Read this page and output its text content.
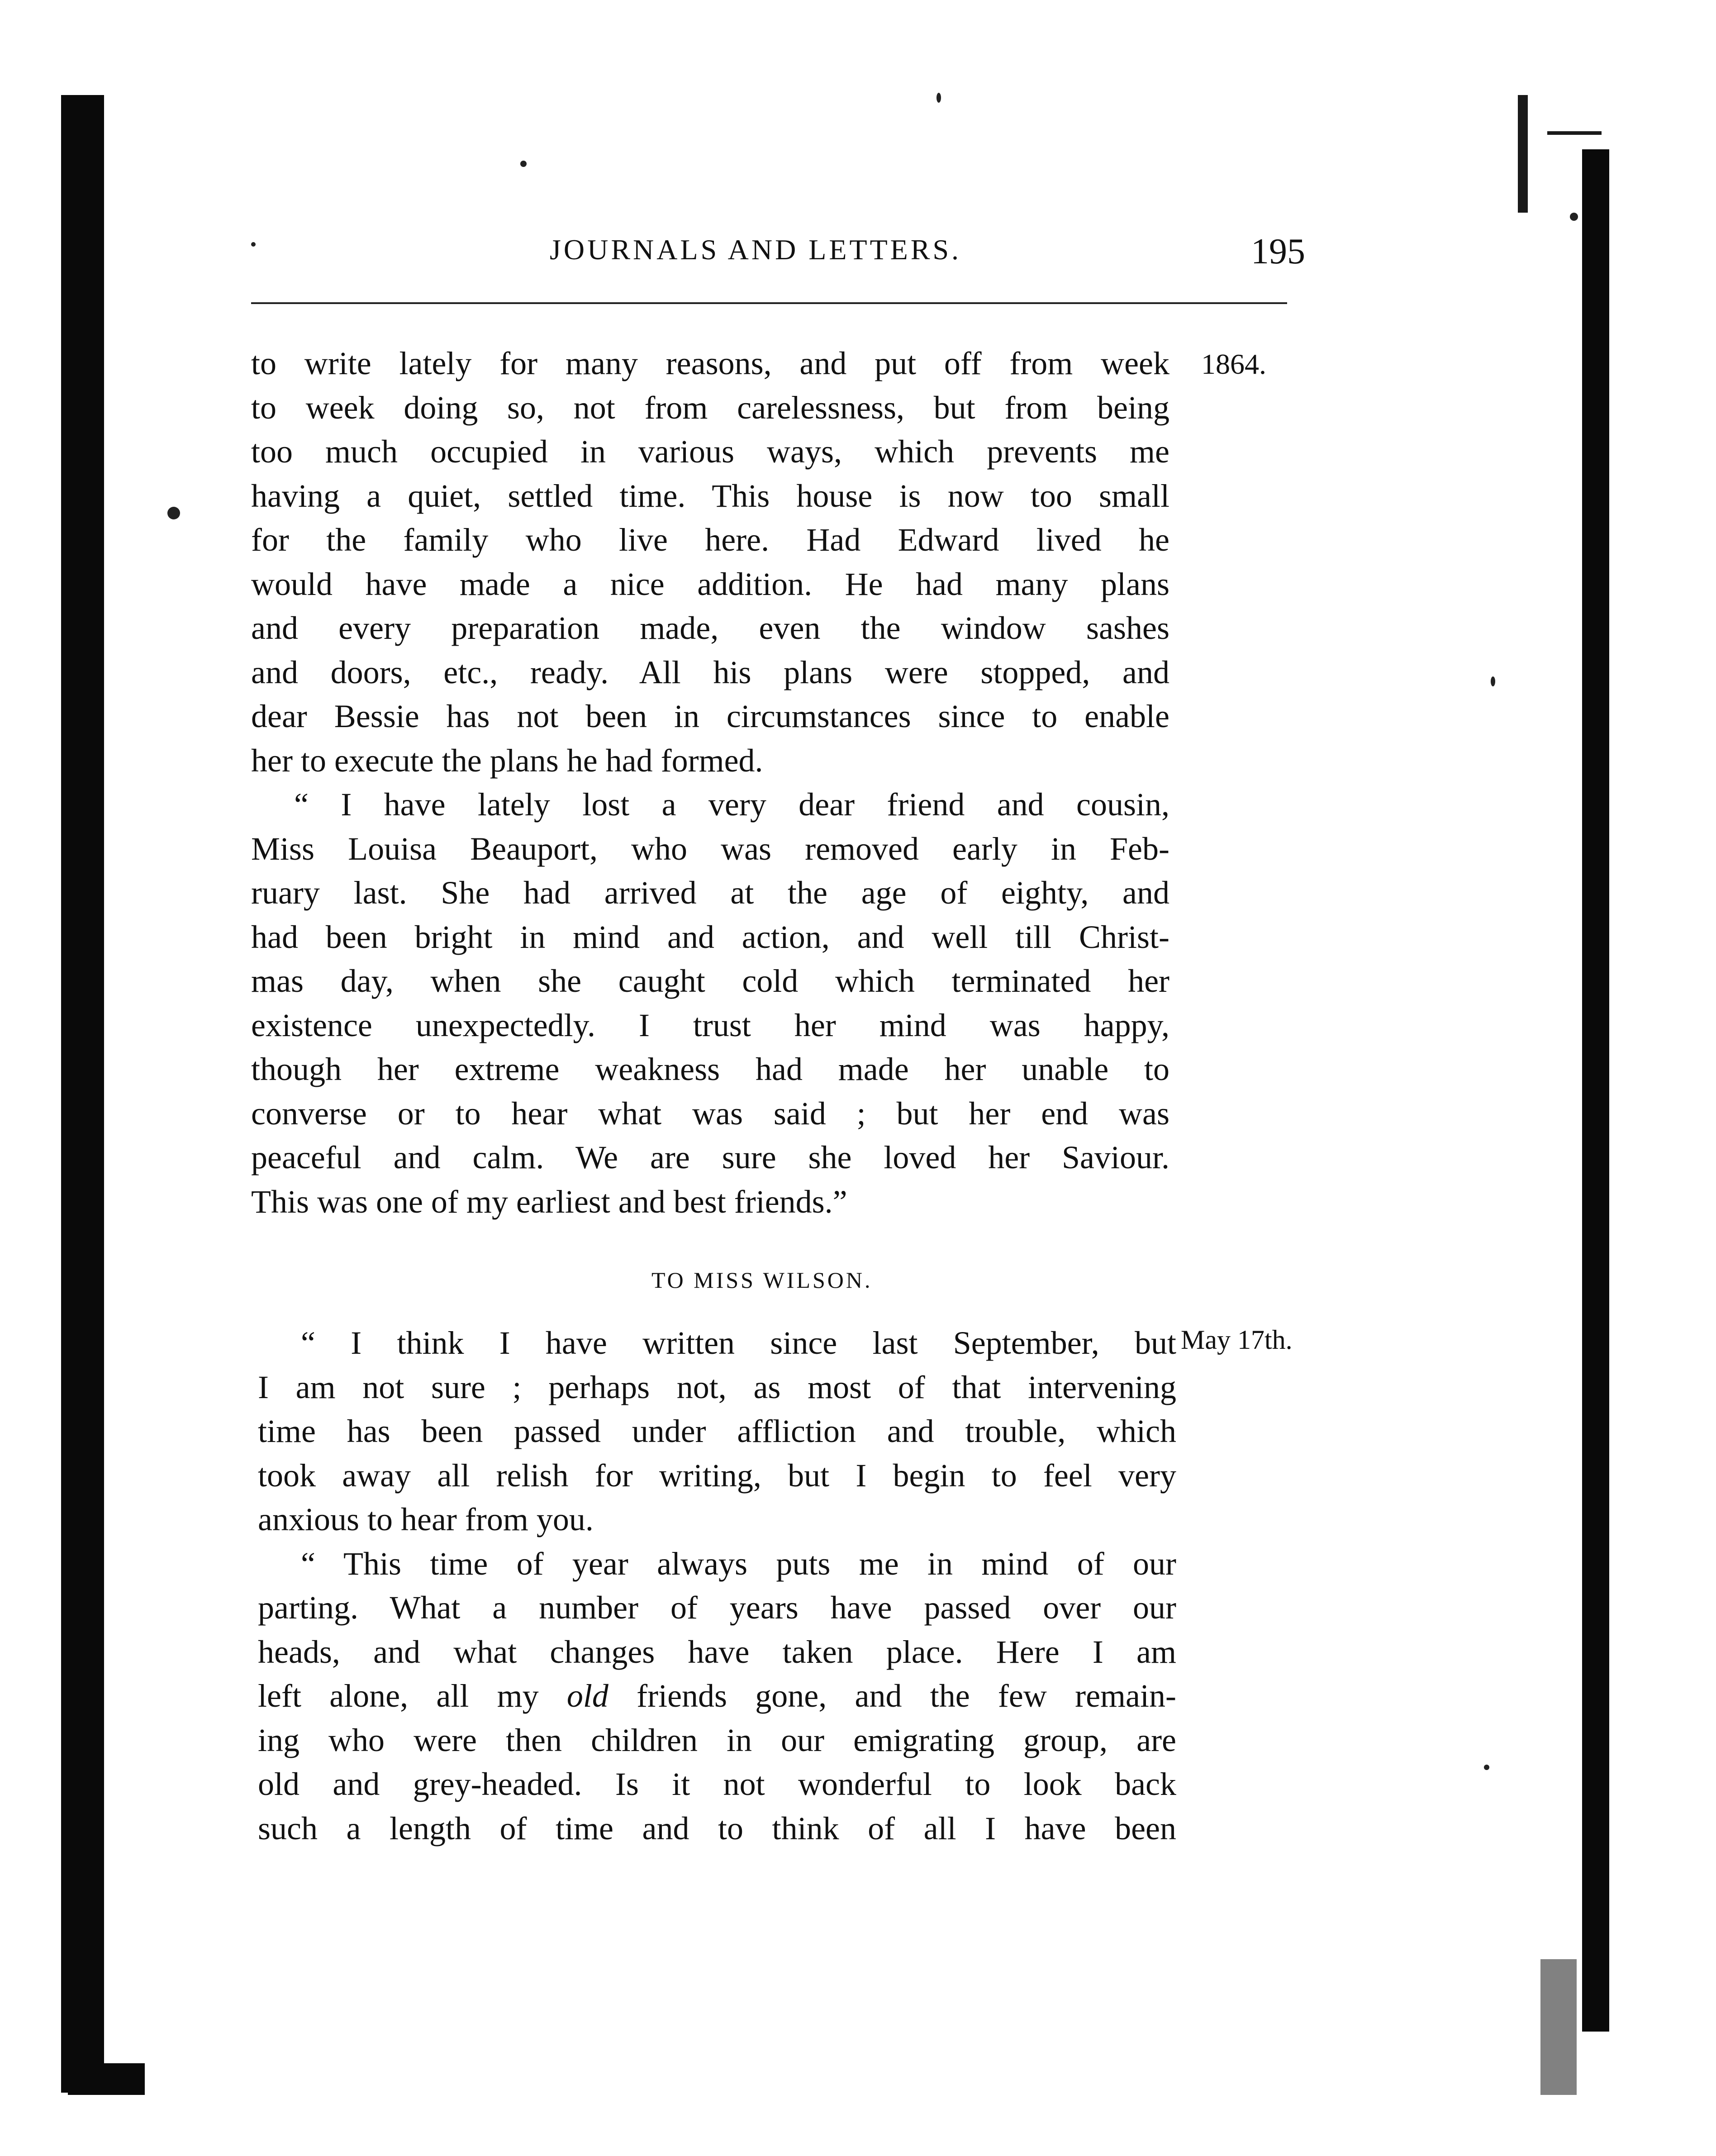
JOURNALS AND LETTERS.	195
1864.
to write lately for many reasons, and put off from week
to week doing so, not from carelessness, but from being
too much occupied in various ways, which prevents me
having a quiet, settled time. This house is now too small
for the family who live here. Had Edward lived he
would have made a nice addition. He had many plans
and every preparation made, even the window sashes
and doors, etc., ready. All his plans were stopped, and
dear Bessie has not been in circumstances since to enable
her to execute the plans he had formed.
“ I have lately lost a very dear friend and cousin,
Miss Louisa Beauport, who was removed early in Feb-
ruary last. She had arrived at the age of eighty, and
had been bright in mind and action, and well till Christ-
mas day, when she caught cold which terminated her
existence unexpectedly. I trust her mind was happy,
though her extreme weakness had made her unable to
converse or to hear what was said ; but her end was
peaceful and calm. We are sure she loved her Saviour.
This was one of my earliest and best friends.”
TO MISS WILSON.
May 17th.
“ I think I have written since last September, but
I am not sure ; perhaps not, as most of that intervening
time has been passed under affliction and trouble, which
took away all relish for writing, but I begin to feel very
anxious to hear from you.
“ This time of year always puts me in mind of our
parting. What a number of years have passed over our
heads, and what changes have taken place. Here I am
left alone, all my old friends gone, and the few remain-
ing who were then children in our emigrating group, are
old and grey-headed. Is it not wonderful to look back
such a length of time and to think of all I have been
